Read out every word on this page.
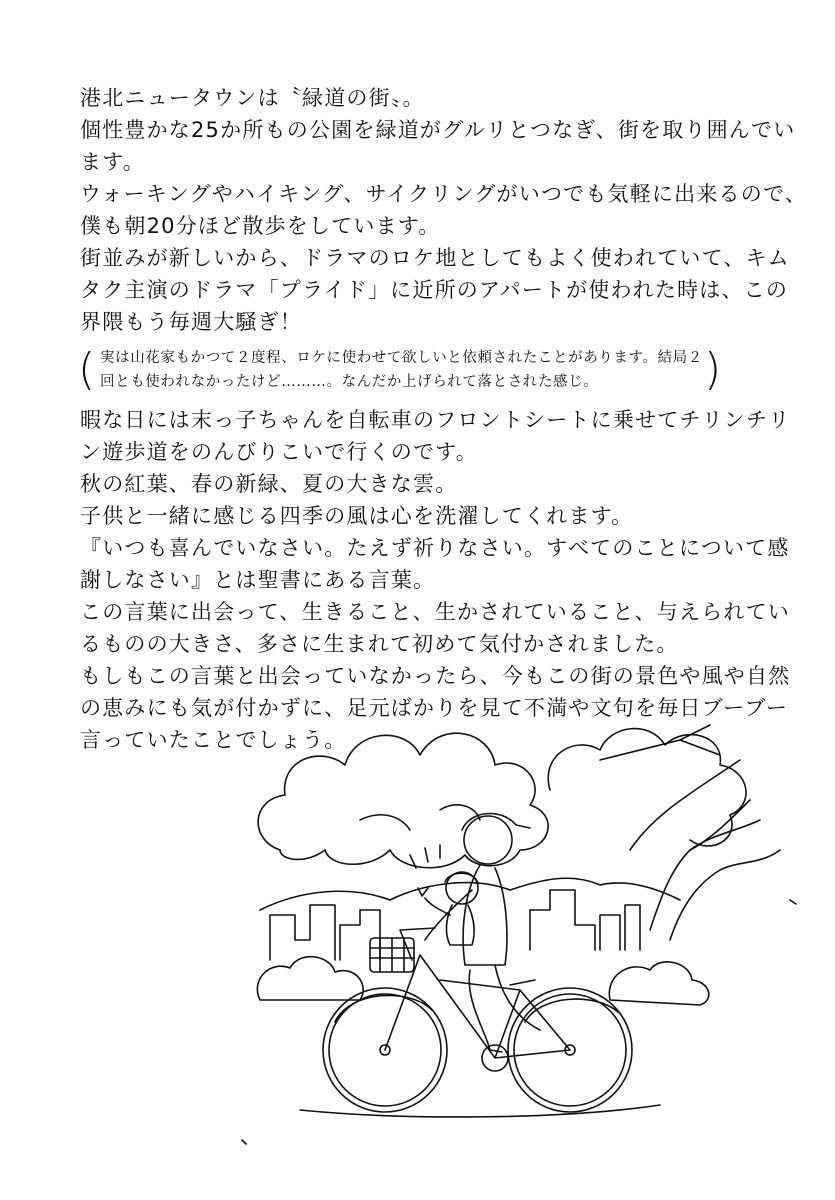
港北ニュータウンは〝緑道の街〟。
個性豊かな25か所もの公園を緑道がグルリとつなぎ、街を取り囲んでい
ます。
ウォーキングやハイキング、サイクリングがいつでも気軽に出来るので、
僕も朝20分ほど散歩をしています。
街並みが新しいから、ドラマのロケ地としてもよく使われていて、キム
タク主演のドラマ「プライド」に近所のアパートが使われた時は、この
界隈もう毎週大騒ぎ！
( 実は山花家もかつて２度程、ロケに使わせて欲しいと依頼されたことがあります。結局２
回とも使われなかったけど………。なんだか上げられて落とされた感じ。	)
暇な日には末っ子ちゃんを自転車のフロントシートに乗せてチリンチリ
ン遊歩道をのんびりこいで行くのです。
秋の紅葉、春の新緑、夏の大きな雲。
子供と一緒に感じる四季の風は心を洗濯してくれます。
『いつも喜んでいなさい。たえず祈りなさい。すべてのことについて感
謝しなさい』とは聖書にある言葉。
この言葉に出会って、生きること、生かされていること、与えられてい
るものの大きさ、多さに生まれて初めて気付かされました。
もしもこの言葉と出会っていなかったら、今もこの街の景色や風や自然
の恵みにも気が付かずに、足元ばかりを見て不満や文句を毎日ブーブー
言っていたことでしょう。
